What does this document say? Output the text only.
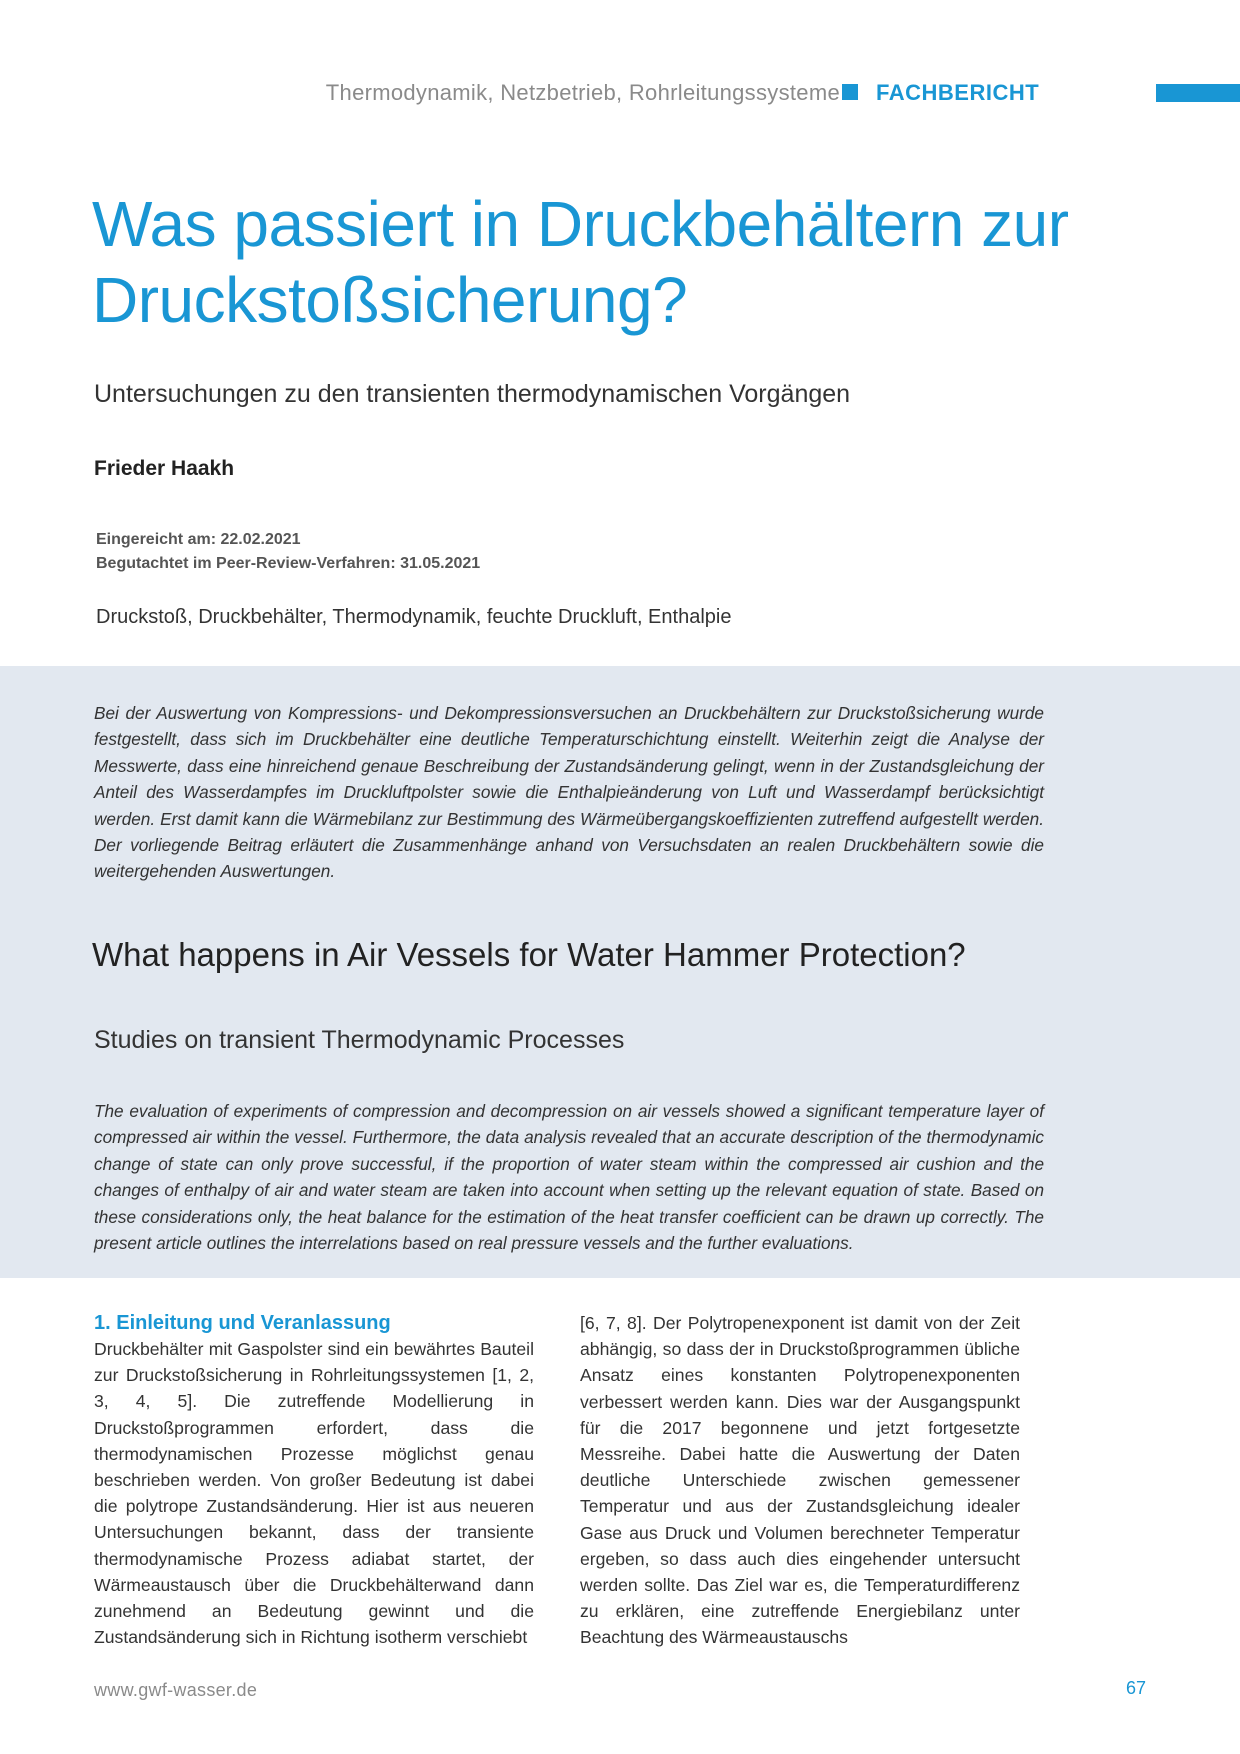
Thermodynamik, Netzbetrieb, Rohrleitungssysteme FACHBERICHT
Was passiert in Druckbehältern zur Druckstoßsicherung?
Untersuchungen zu den transienten thermodynamischen Vorgängen
Frieder Haakh
Eingereicht am: 22.02.2021
Begutachtet im Peer-Review-Verfahren: 31.05.2021
Druckstoß, Druckbehälter, Thermodynamik, feuchte Druckluft, Enthalpie

Bei der Auswertung von Kompressions- und Dekompressionsversuchen an Druckbehältern zur Druckstoßsicherung wurde festgestellt, dass sich im Druckbehälter eine deutliche Temperaturschichtung einstellt. Weiterhin zeigt die Analyse der Messwerte, dass eine hinreichend genaue Beschreibung der Zustandsänderung gelingt, wenn in der Zustandsgleichung der Anteil des Wasserdampfes im Druckluftpolster sowie die Enthalpieänderung von Luft und Wasserdampf berücksichtigt werden. Erst damit kann die Wärmebilanz zur Bestimmung des Wärmeübergangskoeffizienten zutreffend aufgestellt werden. Der vorliegende Beitrag erläutert die Zusammenhänge anhand von Versuchsdaten an realen Druckbehältern sowie die weitergehenden Auswertungen.

What happens in Air Vessels for Water Hammer Protection?
Studies on transient Thermodynamic Processes

The evaluation of experiments of compression and decompression on air vessels showed a significant temperature layer of compressed air within the vessel. Furthermore, the data analysis revealed that an accurate description of the thermodynamic change of state can only prove successful, if the proportion of water steam within the compressed air cushion and the changes of enthalpy of air and water steam are taken into account when setting up the relevant equation of state. Based on these considerations only, the heat balance for the estimation of the heat transfer coefficient can be drawn up correctly. The present article outlines the interrelations based on real pressure vessels and the further evaluations.

1. Einleitung und Veranlassung

Druckbehälter mit Gaspolster sind ein bewährtes Bauteil zur Druckstoßsicherung in Rohrleitungssystemen [1, 2, 3, 4, 5]. Die zutreffende Modellierung in Druckstoßprogrammen erfordert, dass die thermodynamischen Prozesse möglichst genau beschrieben werden. Von großer Bedeutung ist dabei die polytrope Zustandsänderung. Hier ist aus neueren Untersuchungen bekannt, dass der transiente thermodynamische Prozess adiabat startet, der Wärmeaustausch über die Druckbehälterwand dann zunehmend an Bedeutung gewinnt und die Zustandsänderung sich in Richtung isotherm verschiebt

[6, 7, 8]. Der Polytropenexponent ist damit von der Zeit abhängig, so dass der in Druckstoßprogrammen übliche Ansatz eines konstanten Polytropenexponenten verbessert werden kann. Dies war der Ausgangspunkt für die 2017 begonnene und jetzt fortgesetzte Messreihe. Dabei hatte die Auswertung der Daten deutliche Unterschiede zwischen gemessener Temperatur und aus der Zustandsgleichung idealer Gase aus Druck und Volumen berechneter Temperatur ergeben, so dass auch dies eingehender untersucht werden sollte. Das Ziel war es, die Temperaturdifferenz zu erklären, eine zutreffende Energiebilanz unter Beachtung des Wärmeaustauschs

www.gwf-wasser.de	67
